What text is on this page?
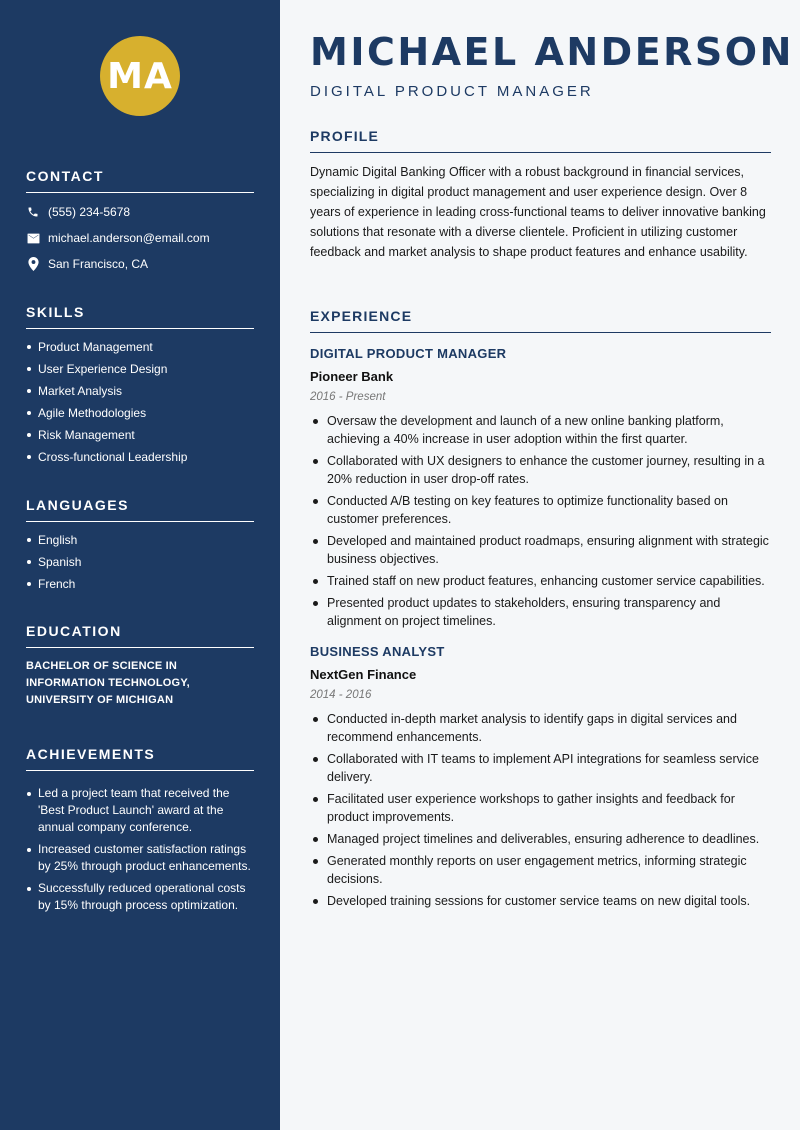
MA
CONTACT
(555) 234-5678
michael.anderson@email.com
San Francisco, CA
SKILLS
Product Management
User Experience Design
Market Analysis
Agile Methodologies
Risk Management
Cross-functional Leadership
LANGUAGES
English
Spanish
French
EDUCATION
BACHELOR OF SCIENCE IN
INFORMATION TECHNOLOGY,
UNIVERSITY OF MICHIGAN
ACHIEVEMENTS
Led a project team that received the 'Best Product Launch' award at the annual company conference.
Increased customer satisfaction ratings by 25% through product enhancements.
Successfully reduced operational costs by 15% through process optimization.
MICHAEL ANDERSON
DIGITAL PRODUCT MANAGER
PROFILE

Dynamic Digital Banking Officer with a robust background in financial services, specializing in digital product management and user experience design. Over 8 years of experience in leading cross-functional teams to deliver innovative banking solutions that resonate with a diverse clientele. Proficient in utilizing customer feedback and market analysis to shape product features and enhance usability.

EXPERIENCE

DIGITAL PRODUCT MANAGER

Pioneer Bank

2016 - Present

Oversaw the development and launch of a new online banking platform, achieving a 40% increase in user adoption within the first quarter.
Collaborated with UX designers to enhance the customer journey, resulting in a 20% reduction in user drop-off rates.
Conducted A/B testing on key features to optimize functionality based on customer preferences.
Developed and maintained product roadmaps, ensuring alignment with strategic business objectives.
Trained staff on new product features, enhancing customer service capabilities.
Presented product updates to stakeholders, ensuring transparency and alignment on project timelines.

BUSINESS ANALYST

NextGen Finance

2014 - 2016

Conducted in-depth market analysis to identify gaps in digital services and recommend enhancements.
Collaborated with IT teams to implement API integrations for seamless service delivery.
Facilitated user experience workshops to gather insights and feedback for product improvements.
Managed project timelines and deliverables, ensuring adherence to deadlines.
Generated monthly reports on user engagement metrics, informing strategic decisions.
Developed training sessions for customer service teams on new digital tools.
